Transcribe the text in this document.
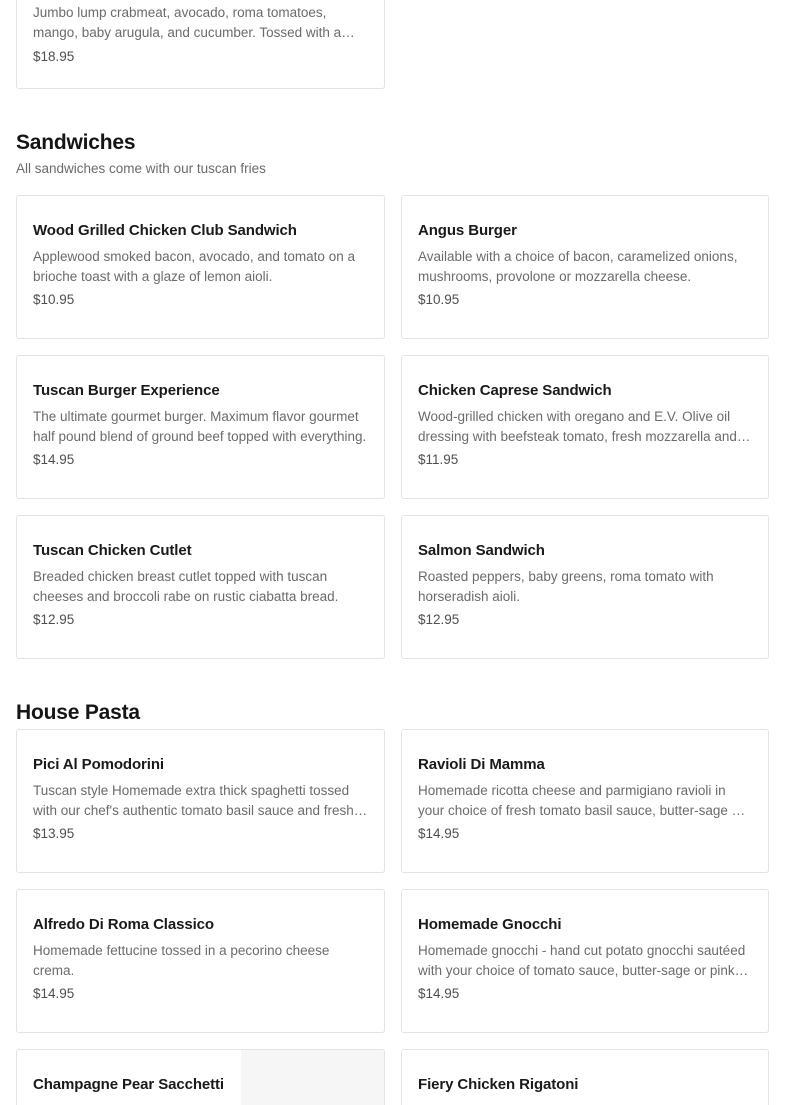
Jumbo lump crabmeat, avocado, roma tomatoes, mango, baby arugula, and cucumber. Tossed with a
$18.95
Sandwiches
All sandwiches come with our tuscan fries
Wood Grilled Chicken Club Sandwich
Applewood smoked bacon, avocado, and tomato on a brioche toast with a glaze of lemon aioli.
$10.95
Angus Burger
Available with a choice of bacon, caramelized onions, mushrooms, provolone or mozzarella cheese.
$10.95
Tuscan Burger Experience
The ultimate gourmet burger. Maximum flavor gourmet half pound blend of ground beef topped with everything.
$14.95
Chicken Caprese Sandwich
Wood-grilled chicken with oregano and E.V. Olive oil dressing with beefsteak tomato, fresh mozzarella and
$11.95
Tuscan Chicken Cutlet
Breaded chicken breast cutlet topped with tuscan cheeses and broccoli rabe on rustic ciabatta bread.
$12.95
Salmon Sandwich
Roasted peppers, baby greens, roma tomato with horseradish aioli.
$12.95
House Pasta
Pici Al Pomodorini
Tuscan style Homemade extra thick spaghetti tossed with our chef's authentic tomato basil sauce and fresh
$13.95
Ravioli Di Mamma
Homemade ricotta cheese and parmigiano ravioli in your choice of fresh tomato basil sauce, butter-sage or
$14.95
Alfredo Di Roma Classico
Homemade fettucine tossed in a pecorino cheese crema.
$14.95
Homemade Gnocchi
Homemade gnocchi - hand cut potato gnocchi sautéed with your choice of tomato sauce, butter-sage or pink
$14.95
Champagne Pear Sacchetti	Fiery Chicken Rigatoni
